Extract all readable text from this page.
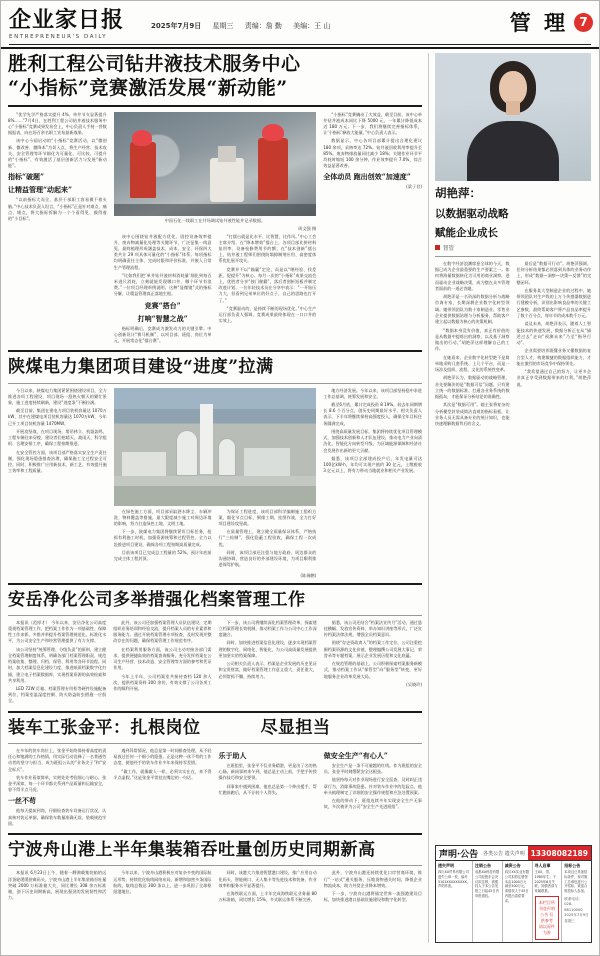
企业家日报
ENTREPRENEUR'S DAILY
2025年7月9日 星期三 责编：詹 勤 美编：王 山	管 理 7
胜利工程公司钻井液技术服务中心
“小指标”竞赛激活发展“新动能”

“优学先学严格落实提升 4%，单井节支显著提升8%……”7月4日，在胜利工程公司钻井液技术服务中心“小指标”竞赛成果发布会上，中心负责人手持一沓数据报表，向在场百余名职工宣布最新战果。

该中心今届启动的“小指标”竞赛活动，以“微创新、微改善、微降本”为切入点，将生产经营、技术攻关、安全管理等环节细化为可量化、可比较、可提升的“小指标”，有效激活了基层创新活力与发展“新动能”。

指标“破题”
让精益管理“动起来”

“以前指标大而全，基层干部职工容易摸不着头脑。”中心技术负责人坦言，“小指标”正是针对难点、痛点、堵点，将大指标拆解为一个个看得见、摸得着的“小目标”。	中国石化一线职工在井场调试钻井液性能并记录数据。
周文强 摄

该中心围绕钻井液配方优化、固控设备效率提升、废弃物减量化处理等关键环节，广泛征集一线意见，最终梳理形成涵盖技术、成本、安全、环保四大类共计 29 项具体可量化的“小指标”体系。每项指标均明确责任主体、完成时限和评价标准，并嵌入日常生产管理流程。

“比如我们把‘单井钻井液材料消耗量’细化到每百米进尺消耗，立刻就能发现哪口井、哪个环节有浪费。”一位项目经理举例说明。这种“显微镜”式的指标分解，让精益管理真正落地生根。

竞赛“搭台”
打响“智慧之战”

指标明确后，竞赛成为激发动力的关键引擎。中心创新设计“赛马机制”，以项目部、班组、岗位为单元，开展常态化“擂台赛”。

“打擂台就是比水平、比智慧、比作风。”中心工会主席介绍。在“降本增效”擂台上，各项目部比拼材料复用率、设备检修费用节约额；在“技术创新”擂台上，钻井液工程师们围绕防塌抑制剂应用、高密度体系优化展开攻关。

竞赛并不以“输赢”定论，而是以“晒经验、找差距、促提升”为核心。每月一次的“小指标”成果交流会上，优胜者分享“独门秘籍”，落后者剖析短板并制定改进计划。一位年轻技术员在分享中表示：“一开始压力大，但看到兄弟单位的好点子，自己的思路也打开了。”

“竞赛驱动的，是持续不断的现场优化。”中心生产运行部负责人强调，竞赛成果最终体现在一口口井的实效上。

“小指标”竞赛撬动了大效益，截至目前，该中心单井钻井液成本同比下降 5000 元，一年累计降低成本近 180 万元；下一步，我们将继续完善指标体系，让‘小指标’释放大能量。”中心负责人表示。

数据显示，中心各项目部累计提出合理化建议 180 余项，采纳率达 72%。钻井液回收利用率提升至 85%，废弃物排放量同比减少 18%；关键作业环节平均耗时缩短 100 余分钟，作业效率提升 7.0%，综合效益显著改善。

全体动员 跑出创效“加速度”

(梁子君)
陕煤电力集团项目建设“进度”拉满

今日以来，陕煤电力集团紧紧围绕建设项目，全力推进各项工程建设，项目现场一派热火朝天的繁忙景象，施工进度持续刷新，建设“进度条”不断拉满。

截至目前，集团在建电力项目装机容量达 1070万kW，其中在建煤电项目装机容量达 1070万kW，今年已开工项目装机容量 1470MW。

开展攻坚战，在项目现场，塔吊林立、机器轰鸣，工程车辆往来穿梭，建设者们抢晴天、战雨天，科学组织、合理安排工序，确保工程按期推进。

在安全管控方面，该项目部严格落实安全生产责任制，强化现场隐患排查治理，确保施工全过程安全可控。同时，积极推广应用新技术、新工艺，有效提升施工效率和工程质量。

在绿色施工方面，项目部采取洒水降尘、车辆冲洗、物料覆盖等措施，最大限度减少施工对周边环境的影响，努力打造绿色工地、文明工地。

下一步，陕煤电力集团将继续紧盯目标任务，抢抓有利施工时机，加强资源统筹和过程管控，全力以赴推进项目建设，确保各项工程按期高质量完成。

目前该项目已完成总工程量的 52%，预计年底前完成主体工程封顶。

为保证工程进度，该项目部科学编制施工组织方案，细化节点目标，倒排工期、挂图作战，全力打好项目建设攻坚战。

在质量管理上，建立健全质量保证体系，严格执行“三检制”，强化隐蔽工程验收，确保工程一次成优。

同时，该项目部还注重与地方政府、周边群众的沟通协调，营造良好的外部建设环境，为项目顺利推进保驾护航。

(陈瑞鹏)

地方经济发展。今年以来，该项目部坚持稳中求进工作总基调，统筹发展和安全。

截至6月底，累计完成投资 8 19%，较去年同期增长 8.6 个百分点，创历史同期最好水平。相关负责人表示，下半年将继续保持高强度投入，确保全年目标任务圆满完成。

围绕高质量发展目标，集团将持续优化项目管理模式，加强技术创新和人才队伍建设，推动电力产业向清洁化、智能化方向转型升级，为区域能源保障和经济社会发展作出新的更大贡献。

据悉，该项目全部建成投产后，年发电量可达 100亿kW·h，年均可实现产值约 30 亿元，上缴税收 3 亿元以上，将有力带动当地就业和相关产业发展。

安岳净化公司多举措强化档案管理工作

本报讯（范厚才） 今年以来，安岳净化公司高度重视档案管理工作，把档案工作作为一项基础性、保障性工作来抓，多措并举提升档案管理规范化、标准化水平，为公司安全生产和经营管理提供了有力支撑。

该公司坚持“统筹管理、分级负责”的原则，建立健全档案管理制度体系，明确各部门档案管理职责，规范档案收集、整理、归档、保管、利用等各环节流程。同时，加大档案信息化建设力度，推进纸质档案数字化扫描，建立电子档案数据库，实现档案资源的高效检索和共享利用。

LED 72W 灯箱、档案管理专用柜等硬件设施配备到位，档案室温湿度控制、防火防盗防虫措施一应俱全。

此外，该公司还加强档案管理人员队伍建设，定期组织业务培训和经验交流，提升档案人员的专业素养和服务能力。通过开展档案管理专项检查，及时发现并整改存在的问题，确保档案管理工作规范有序。

在档案利用服务方面，该公司主动对接各部门需求，提供便捷高效的档案查询服务，充分发挥档案在公司生产经营、技术改造、安全管理等方面的参考和凭证作用。

今年上半年，公司档案室共接待查档 120 余人次，提供档案资料 300 余份，有效支撑了公司各项工作的顺利开展。

下一步，该公司将继续深化档案管理改革，探索建立档案管理长效机制，推动档案工作与公司中心工作深度融合。

同时，加快推进档案信息化建设，逐步实现档案管理的数字化、网络化、智能化，为公司高质量发展提供更加坚实的档案保障。

公司相关负责人表示，档案是企业发展的历史见证和宝贵财富，做好档案管理工作意义重大、责任重大，必须常抓不懈、持续用力。

据悉，该公司还结合“档案法宣传月”活动，通过悬挂横幅、发放宣传资料、举办知识讲座等形式，广泛宣传档案法律法规，增强全员档案意识。

围绕“存史资政育人”的档案工作定位，公司注重挖掘档案资源的文化价值，整理编撰公司发展大事记、荣誉录等专题档案，展示企业发展历程和文化底蕴。

在规范管理的基础上，公司积极探索档案服务新模式，推动档案工作从“保管型”向“服务型”转变，更好地服务企业改革发展大局。

(吴晓玲)
装车工张金平：扎根岗位	尽显担当

在多年的装车岗位上，张金平始终保持着高度的责任心和饱满的工作热情，用实际行动诠释了一名普通劳动者的坚守与担当，成为班组公认的“业务尖子”和“安全标兵”。

装车作业看似简单，实则处处考验细心与耐心。张金平深知，每一个环节都关系到产品质量和运输安全，容不得半点马虎。

一丝不苟

他每天提前到岗，仔细检查装车设备运行状况，认真核对装运单据，确保装车数量准确无误、装载规范牢固。

遇到异常情况，他总是第一时间排查处理，从不轻易放过任何一个细小的隐患。正是这种一丝不苟的工作态度，使他经手的装车作业多年来保持零差错。

“做工作，就像做人一样，必须实实在在，来不得半点虚假。”这是张金平常挂在嘴边的一句话。

乐于助人

在班组里，张金平不仅业务精湛，更是出了名的热心肠。新同事初来乍到，他总是主动上前，手把手传授操作技巧和安全要领。

同事家中遇到困难，他也总是第一个伸出援手，帮忙跑前跑后，从不计较个人得失。

做安全生产“有心人”

安全生产是一条不可逾越的红线。作为班组的安全员，张金平时刻绷紧安全这根弦。

他坚持每天对作业现场进行安全巡查，及时纠正违章行为，消除事故隐患。针对装车作业中的危险点，他牵头梳理制定了详细的安全操作规程和应急处置预案。

在他的带动下，班组连续多年实现安全生产无事故，多次被评为公司“安全生产先进班组”。

宁波舟山港上半年集装箱吞吐量创历史同期新高

本报讯 6月23日上午，随着一艘满载集装箱的远洋货轮缓缓驶离码头，宁波舟山港上半年集装箱吞吐量突破 2000 万标准箱大关，同比增长 308 余万标准箱，创下历史同期新高，展现出强劲的发展韧性和活力。

今年以来，宁波舟山港积极应对复杂多变的国际航运形势，持续优化航线网络布局，新增和加密多条国际航线，航线总数达 300 条以上，进一步巩固了全球枢纽港地位。

同时，该港大力推进智慧港口建设，推广应用自动化码头、智能闸口、无人集卡等先进技术和装备，作业效率和服务水平显著提升。

在海铁联运方面，上半年完成海铁联运业务量 80 万标准箱，同比增长 15%，多式联运体系不断完善。

此外，宁波舟山港还持续优化口岸营商环境，推行“一站式”通关服务，压缩货物通关时间，降低企业物流成本，助力外贸企业降本增效。

下一步，宁波舟山港将锚定世界一流强港建设目标，加快推进港口基础设施建设和数字化转型。

胡艳萍：
以数据驱动战略
赋能企业成长
智管

在数字经济浪潮席卷全球的今天，数据已成为企业最重要的生产要素之一。如何将海量数据转化为可用的商业洞察，进而驱动企业战略决策，成为摆在众多管理者面前的一道必答题。

胡艳萍是一名资深的数据分析与战略咨询专家，长期深耕企业数字化转型领域。她带领团队为数十家制造业、零售业企业提供数据治理与分析服务，帮助客户建立起以数据为核心的决策机制。

“数据本身没有价值，真正有价值的是从数据中提炼出的洞察，以及基于洞察做出的行动。”胡艳萍这样理解自己的工作。

在她看来，企业数字化转型绝不是简单地采购几套系统、上几个平台，而是一场涉及组织、流程、文化的系统性变革。

胡艳萍认为，数据驱动的战略管理，首先要解决的是“数据可信”问题。只有建立统一的数据标准、打通各业务系统的数据孤岛，才能保证分析结论的准确性。

其次是“数据可用”。她主张将复杂的分析模型封装成简洁直观的指标看板，让业务人员无需具备专业的统计知识，也能快速理解数据背后的含义。

最后是“数据可行动”。胡艳萍强调，任何分析结果都必须落到具体的业务动作上，形成“数据—洞察—决策—反馈”的完整闭环。

在服务某大型制造企业的过程中，她带领团队对生产线的上万个传感器数据进行建模分析，识别出影响良品率的关键工艺参数，最终帮助客户将产品良品率提升了数个百分点，每年节约成本数千万元。

谈及未来，胡艳萍表示，随着人工智能技术的快速发展，数据分析正在从“描述过去”走向“预测未来”乃至“指导行动”。

企业需要培养既懂业务又懂数据的复合型人才，构建敏捷的数据组织能力，才能在激烈的市场竞争中保持领先。

“我希望通过自己的努力，让更多企业真正享受到数据带来的红利。”胡艳萍说。

声明·公告	各类公告 遗失声明 13308082189
遗失声明
四川XX贸易有限公司遗失公章一枚，编号5101XXXXXXXXX，声明作废。
注销公告
成都XX科技有限公司经股东会决议拟注销，请债权人于本公告见报之日起45日内申报债权。
减资公告
四川XX实业有限公司拟将注册资本由1000万元减至500万元，请债权人于45日内提出清偿要求。
寻人启事
王XX，男，1985年生，于2025年6月失联，知情者请与家属联系。
本栏目所刊登声明公告 仅供参考 请以原件为准
招标公告
本项目已具备招标条件，现对施工总承包进行公开招标，欢迎合格投标人参加。
联系电话：028-86110000
2025年7月9日 星期三
